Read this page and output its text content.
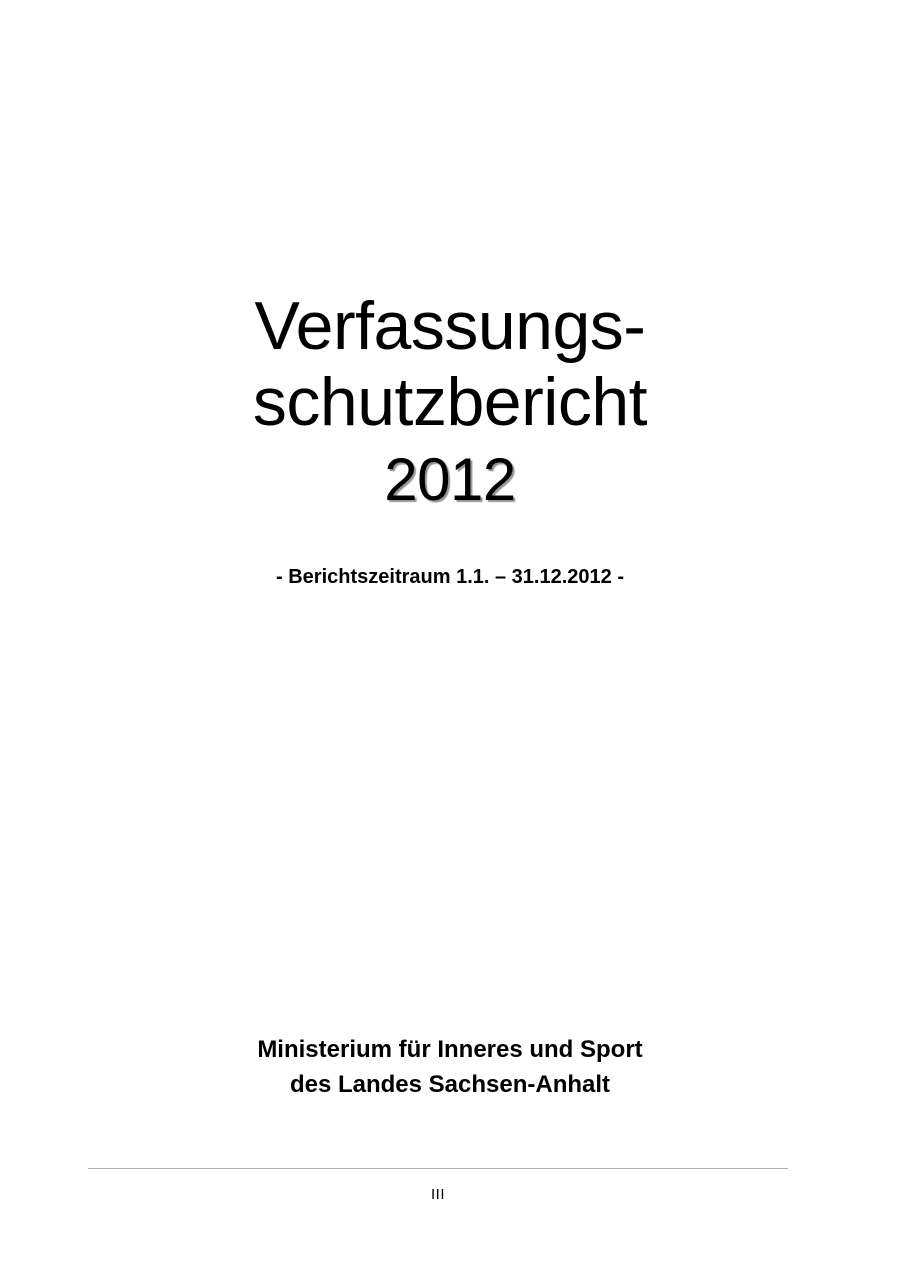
Verfassungs-
schutzbericht
2012

- Berichtszeitraum 1.1. – 31.12.2012 -

Ministerium für Inneres und Sport
des Landes Sachsen-Anhalt
III
